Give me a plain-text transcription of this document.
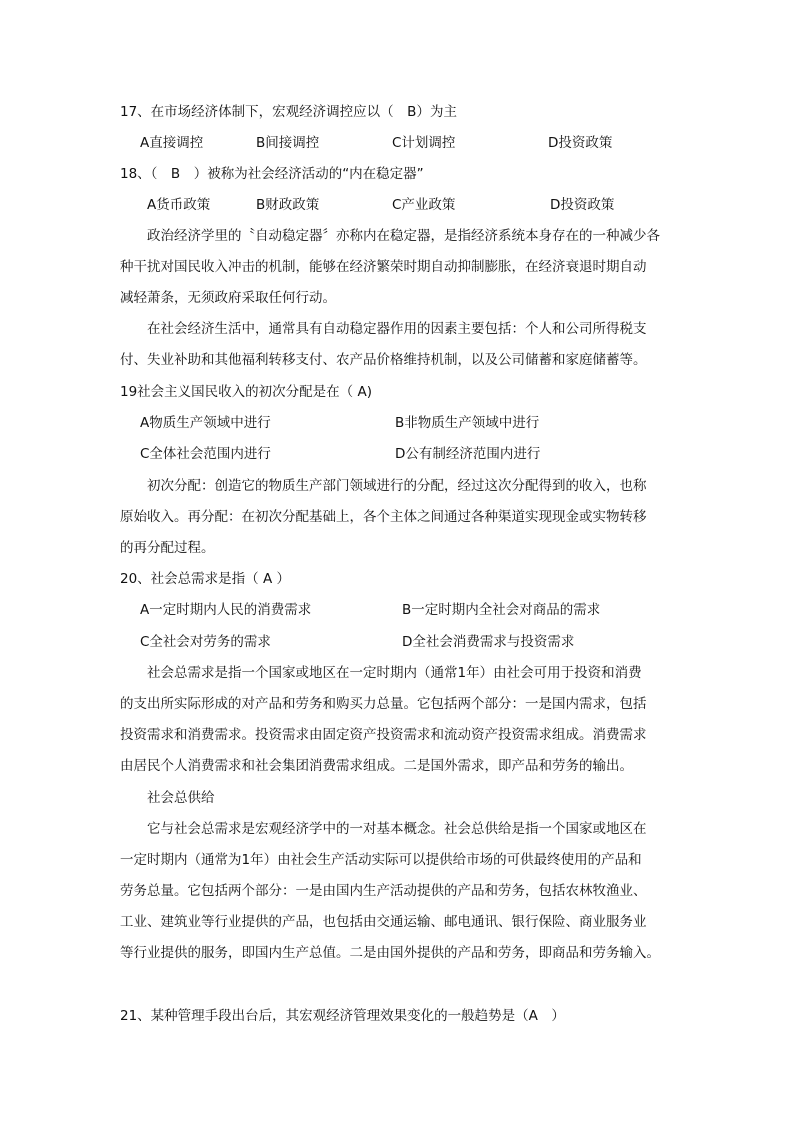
17、在市场经济体制下，宏观经济调控应以（　B）为主
A直接调控	B间接调控	C计划调控	D投资政策
18、（　B　）被称为社会经济活动的“内在稳定器”
A货币政策	B财政政策	C产业政策	D投资政策
政治经济学里的〝自动稳定器〞亦称内在稳定器，是指经济系统本身存在的一种减少各
种干扰对国民收入冲击的机制，能够在经济繁荣时期自动抑制膨胀，在经济衰退时期自动
减轻萧条，无须政府采取任何行动。
在社会经济生活中，通常具有自动稳定器作用的因素主要包括：个人和公司所得税支
付、失业补助和其他福利转移支付、农产品价格维持机制，以及公司储蓄和家庭储蓄等。
19社会主义国民收入的初次分配是在（ A)
A物质生产领域中进行	B非物质生产领域中进行
C全体社会范围内进行	D公有制经济范围内进行
初次分配：创造它的物质生产部门领域进行的分配，经过这次分配得到的收入，也称
原始收入。再分配：在初次分配基础上，各个主体之间通过各种渠道实现现金或实物转移
的再分配过程。
20、社会总需求是指（ A ）
A一定时期内人民的消费需求	B一定时期内全社会对商品的需求
C全社会对劳务的需求	D全社会消费需求与投资需求
社会总需求是指一个国家或地区在一定时期内（通常1年）由社会可用于投资和消费
的支出所实际形成的对产品和劳务和购买力总量。它包括两个部分：一是国内需求，包括
投资需求和消费需求。投资需求由固定资产投资需求和流动资产投资需求组成。消费需求
由居民个人消费需求和社会集团消费需求组成。二是国外需求，即产品和劳务的输出。
社会总供给
它与社会总需求是宏观经济学中的一对基本概念。社会总供给是指一个国家或地区在
一定时期内（通常为1年）由社会生产活动实际可以提供给市场的可供最终使用的产品和
劳务总量。它包括两个部分：一是由国内生产活动提供的产品和劳务，包括农林牧渔业、
工业、建筑业等行业提供的产品，也包括由交通运输、邮电通讯、银行保险、商业服务业
等行业提供的服务，即国内生产总值。二是由国外提供的产品和劳务，即商品和劳务输入。
21、某种管理手段出台后，其宏观经济管理效果变化的一般趋势是（A　）
